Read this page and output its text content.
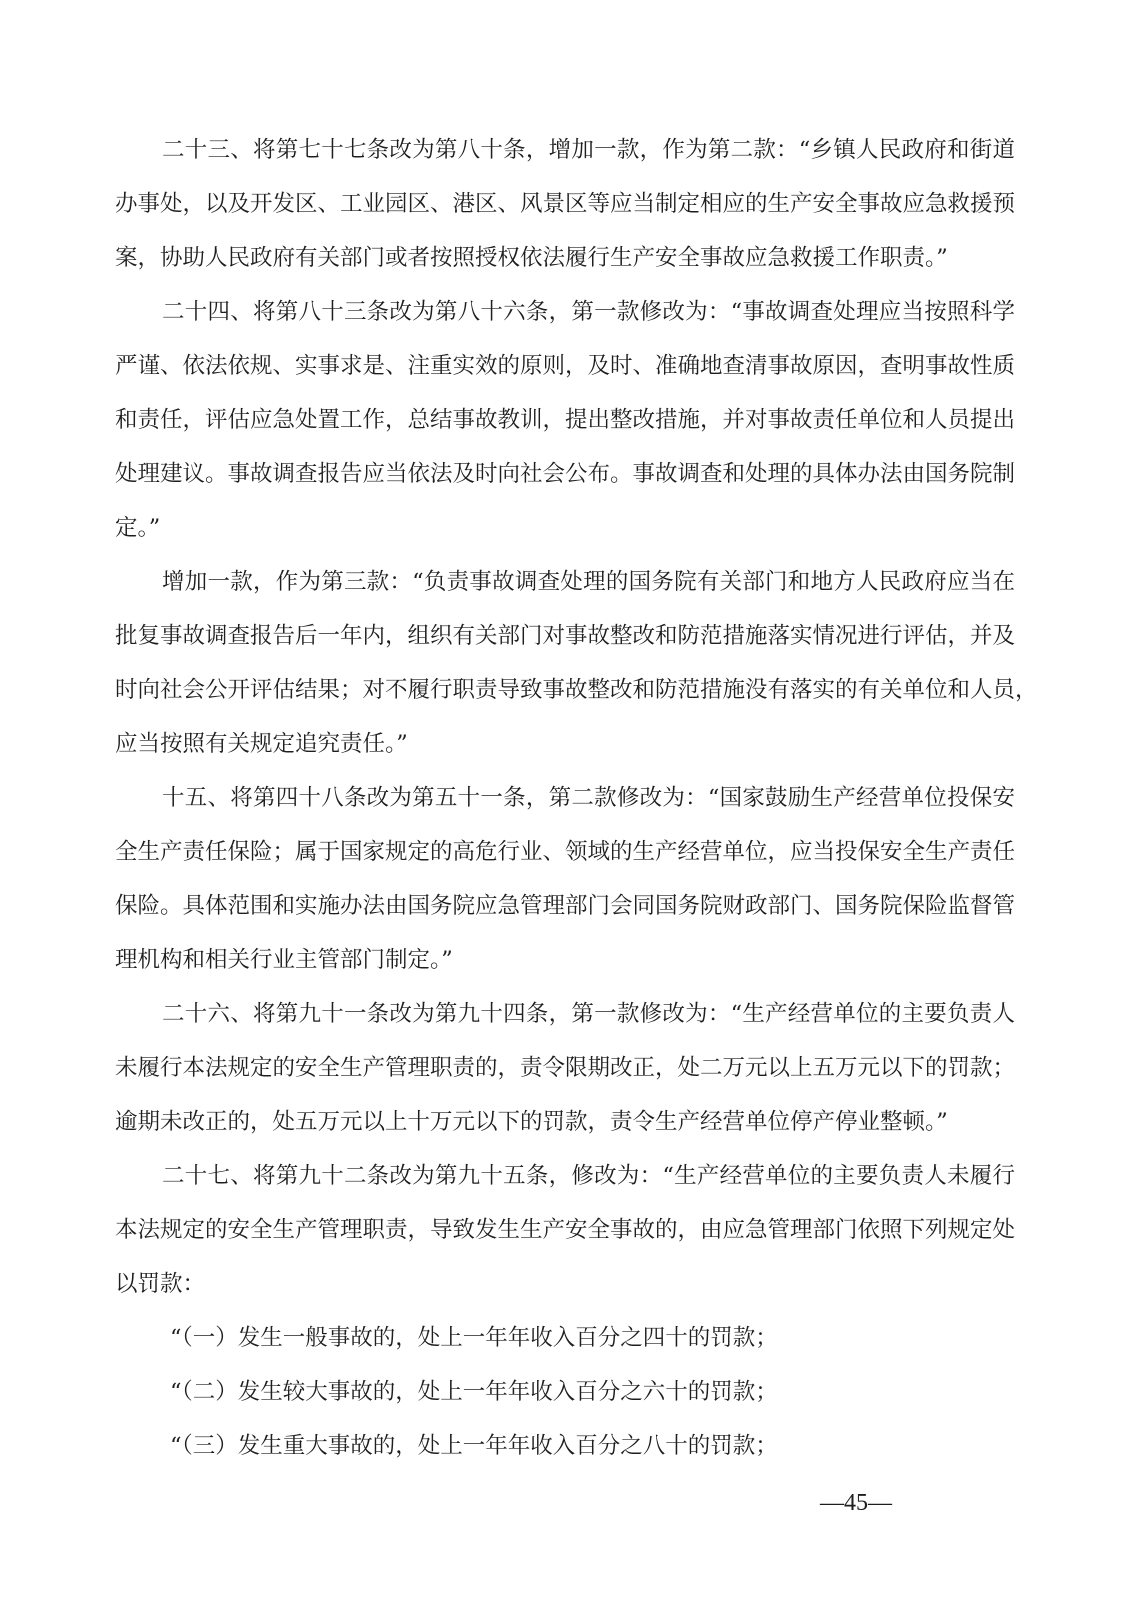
二十三、将第七十七条改为第八十条，增加一款，作为第二款：“乡镇人民政府和街道
办事处，以及开发区、工业园区、港区、风景区等应当制定相应的生产安全事故应急救援预
案，协助人民政府有关部门或者按照授权依法履行生产安全事故应急救援工作职责。”
二十四、将第八十三条改为第八十六条，第一款修改为：“事故调查处理应当按照科学
严谨、依法依规、实事求是、注重实效的原则，及时、准确地查清事故原因，查明事故性质
和责任，评估应急处置工作，总结事故教训，提出整改措施，并对事故责任单位和人员提出
处理建议。事故调查报告应当依法及时向社会公布。事故调查和处理的具体办法由国务院制
定。”
增加一款，作为第三款：“负责事故调查处理的国务院有关部门和地方人民政府应当在
批复事故调查报告后一年内，组织有关部门对事故整改和防范措施落实情况进行评估，并及
时向社会公开评估结果；对不履行职责导致事故整改和防范措施没有落实的有关单位和人员，
应当按照有关规定追究责任。”
十五、将第四十八条改为第五十一条，第二款修改为：“国家鼓励生产经营单位投保安
全生产责任保险；属于国家规定的高危行业、领域的生产经营单位，应当投保安全生产责任
保险。具体范围和实施办法由国务院应急管理部门会同国务院财政部门、国务院保险监督管
理机构和相关行业主管部门制定。”
二十六、将第九十一条改为第九十四条，第一款修改为：“生产经营单位的主要负责人
未履行本法规定的安全生产管理职责的，责令限期改正，处二万元以上五万元以下的罚款；
逾期未改正的，处五万元以上十万元以下的罚款，责令生产经营单位停产停业整顿。”
二十七、将第九十二条改为第九十五条，修改为：“生产经营单位的主要负责人未履行
本法规定的安全生产管理职责，导致发生生产安全事故的，由应急管理部门依照下列规定处
以罚款：
“（一）发生一般事故的，处上一年年收入百分之四十的罚款；
“（二）发生较大事故的，处上一年年收入百分之六十的罚款；
“（三）发生重大事故的，处上一年年收入百分之八十的罚款；
—45—
